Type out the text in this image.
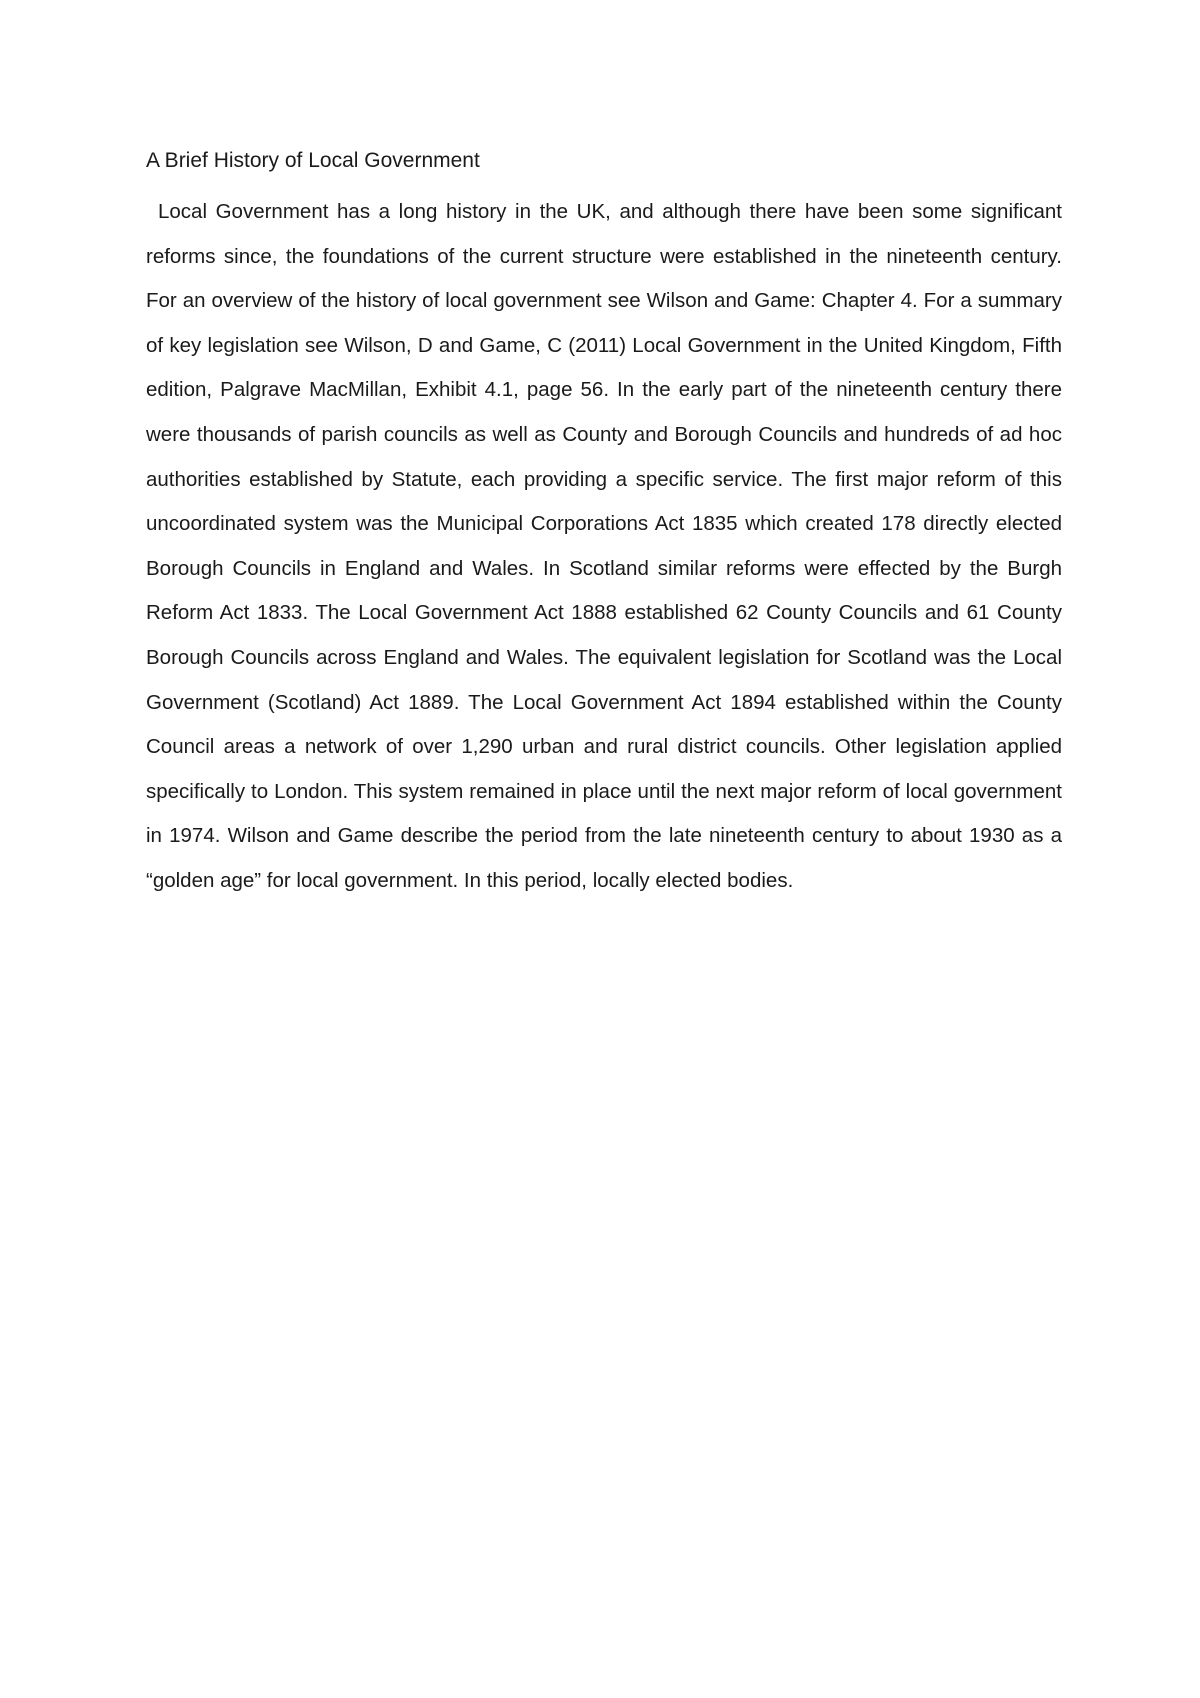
A Brief History of Local Government

Local Government has a long history in the UK, and although there have been some significant reforms since, the foundations of the current structure were established in the nineteenth century. For an overview of the history of local government see Wilson and Game: Chapter 4. For a summary of key legislation see Wilson, D and Game, C (2011) Local Government in the United Kingdom, Fifth edition, Palgrave MacMillan, Exhibit 4.1, page 56. In the early part of the nineteenth century there were thousands of parish councils as well as County and Borough Councils and hundreds of ad hoc authorities established by Statute, each providing a specific service. The first major reform of this uncoordinated system was the Municipal Corporations Act 1835 which created 178 directly elected Borough Councils in England and Wales. In Scotland similar reforms were effected by the Burgh Reform Act 1833. The Local Government Act 1888 established 62 County Councils and 61 County Borough Councils across England and Wales. The equivalent legislation for Scotland was the Local Government (Scotland) Act 1889. The Local Government Act 1894 established within the County Council areas a network of over 1,290 urban and rural district councils. Other legislation applied specifically to London. This system remained in place until the next major reform of local government in 1974. Wilson and Game describe the period from the late nineteenth century to about 1930 as a “golden age” for local government. In this period, locally elected bodies.
